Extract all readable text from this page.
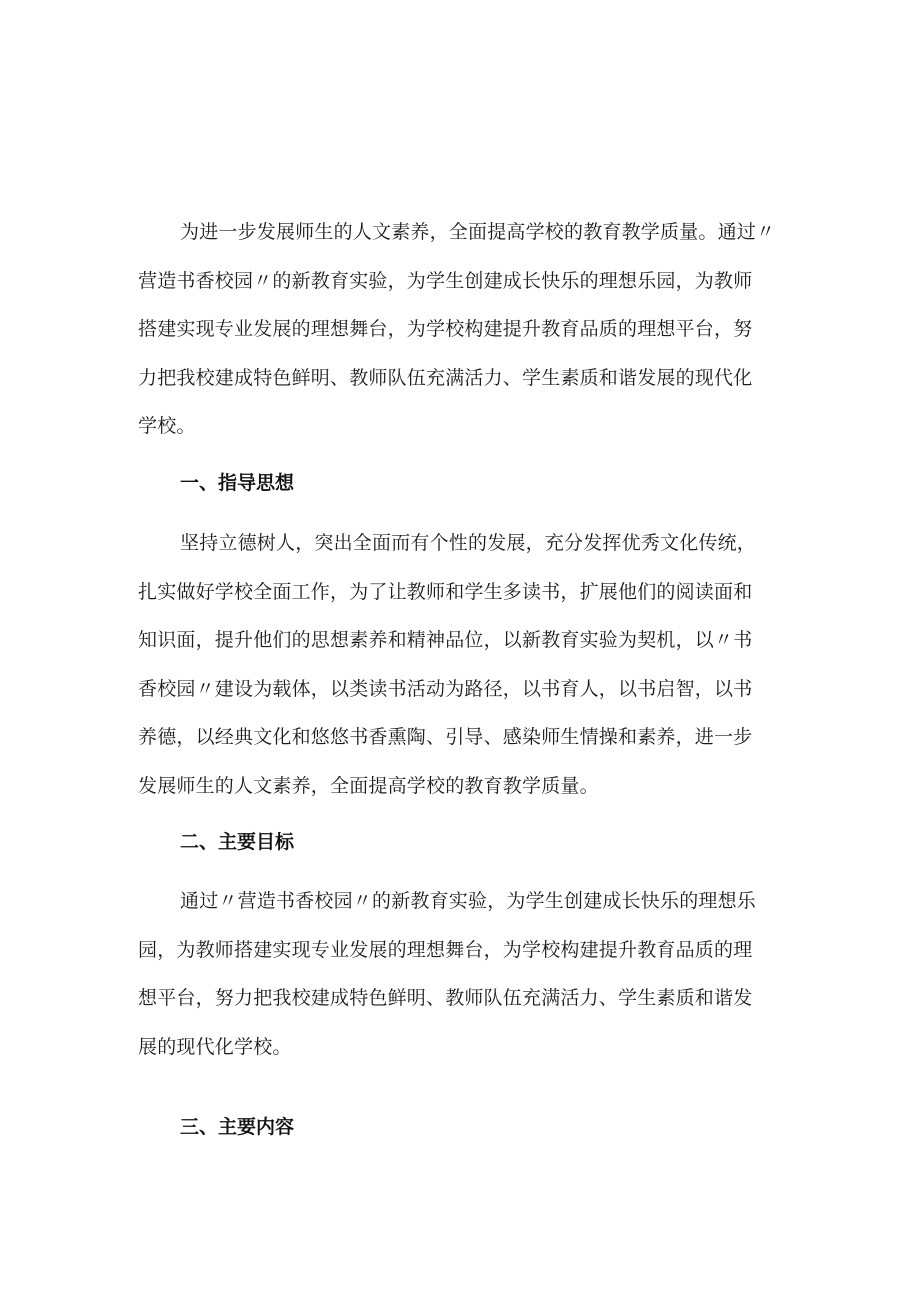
为进一步发展师生的人文素养，全面提高学校的教育教学质量。通过〃
营造书香校园〃的新教育实验，为学生创建成长快乐的理想乐园，为教师
搭建实现专业发展的理想舞台，为学校构建提升教育品质的理想平台，努
力把我校建成特色鲜明、教师队伍充满活力、学生素质和谐发展的现代化
学校。
一、指导思想
坚持立德树人，突出全面而有个性的发展，充分发挥优秀文化传统，
扎实做好学校全面工作，为了让教师和学生多读书，扩展他们的阅读面和
知识面，提升他们的思想素养和精神品位，以新教育实验为契机，以〃书
香校园〃建设为载体，以类读书活动为路径，以书育人，以书启智，以书
养德，以经典文化和悠悠书香熏陶、引导、感染师生情操和素养，进一步
发展师生的人文素养，全面提高学校的教育教学质量。
二、主要目标
通过〃营造书香校园〃的新教育实验，为学生创建成长快乐的理想乐
园，为教师搭建实现专业发展的理想舞台，为学校构建提升教育品质的理
想平台，努力把我校建成特色鲜明、教师队伍充满活力、学生素质和谐发
展的现代化学校。
三、主要内容
